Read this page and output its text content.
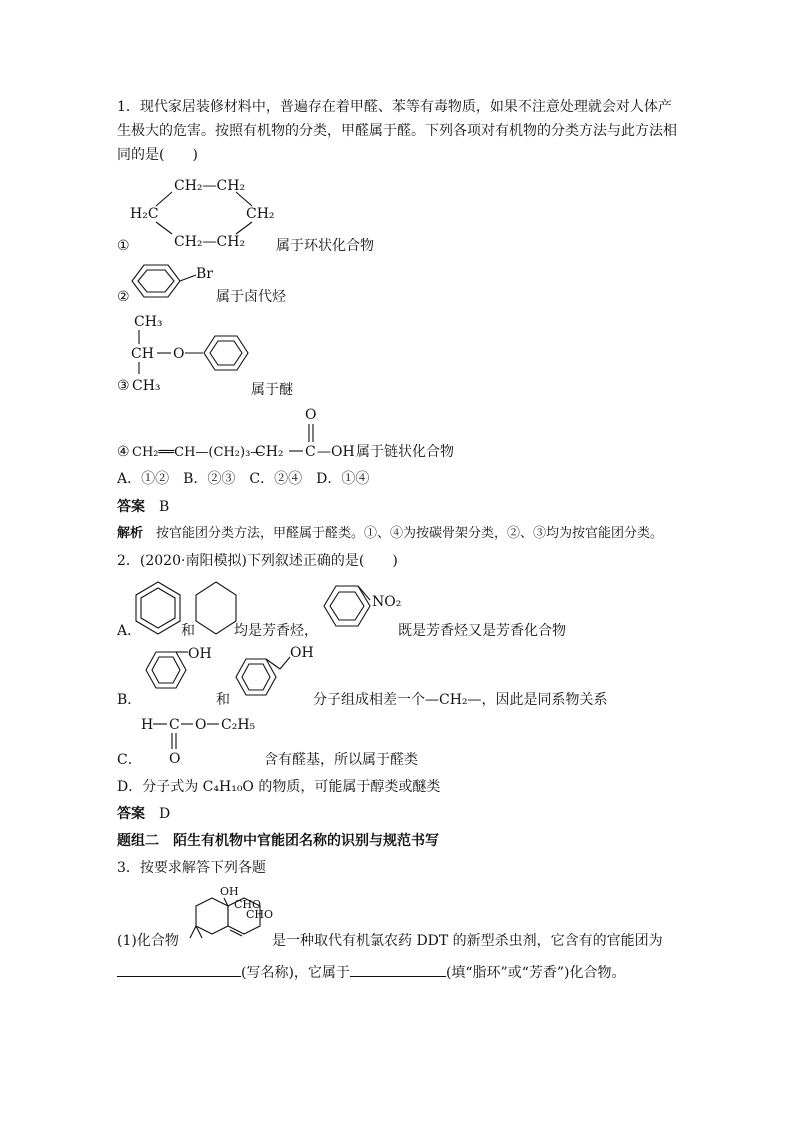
1．现代家居装修材料中，普遍存在着甲醛、苯等有毒物质，如果不注意处理就会对人体产生极大的危害。按照有机物的分类，甲醛属于醛。下列各项对有机物的分类方法与此方法相同的是(　　)
①
CH₂—CH₂
H₂C	CH₂
CH₂—CH₂ 属于环状化合物
②
Br
属于卤代烃
CH₃
CH O
③ CH₃	属于醚
④ CH₂══CH—(CH₂)₃—
CH₂ C —OH
O
属于链状化合物
A．①②　B．②③　C．②④　D．①④
答案　 B
解析　 按官能团分类方法，甲醛属于醛类。①、④为按碳骨架分类，②、③均为按官能团分类。
2．(2020·南阳模拟)下列叙述正确的是(　　)
A．	和	均是芳香烃，
NO₂
既是芳香烃又是芳香化合物
B．
OH
和
OH
分子组成相差一个—CH₂—，因此是同系物关系
H C O C₂H₅
O
C．	含有醛基，所以属于醛类
D．分子式为 C₄H₁₀O 的物质，可能属于醇类或醚类
答案　 D
题组二　陌生有机物中官能团名称的识别与规范书写
3．按要求解答下列各题
OH
CHO
CHO
(1)化合物	是一种取代有机氯农药 DDT 的新型杀虫剂，它含有的官能团为
(写名称)，它属于	(填“脂环”或“芳香”)化合物。
